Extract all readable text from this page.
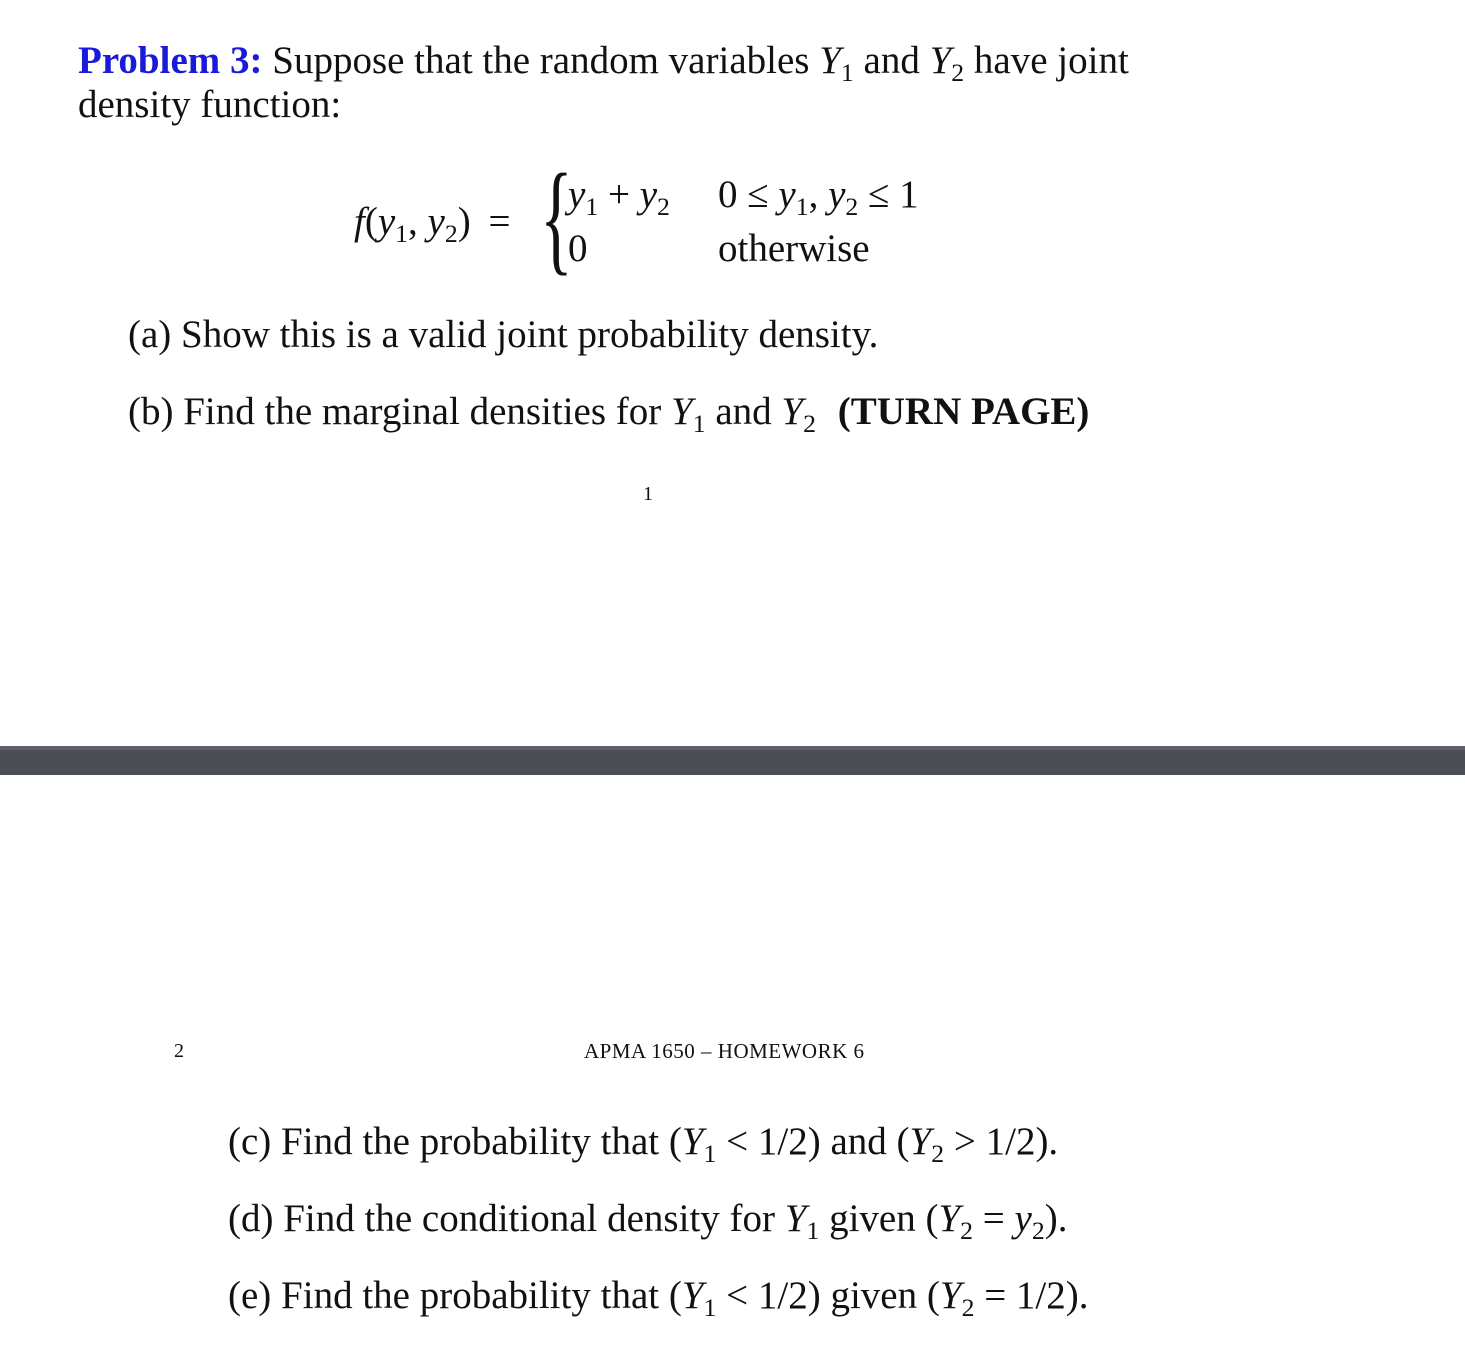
Problem 3: Suppose that the random variables $Y_1$ and $Y_2$ have joint
density function:
$f(y_1$, $y_2$) = {
$y_1 + y_2$ $0 \le y_1$, $y_2 \le 1$
0	otherwise
(a) Show this is a valid joint probability density.
(b) Find the marginal densities for $Y_1$ and $Y_2$ (TURN PAGE)
1
2	APMA 1650 – HOMEWORK 6
(c) Find the probability that $(Y_1 < 1/2)$ and $(Y_2 > 1/2)$.
(d) Find the conditional density for $Y_1$ given $(Y_2 = y_2)$.
(e) Find the probability that $(Y_1 < 1/2)$ given $(Y_2 = 1/2)$.
